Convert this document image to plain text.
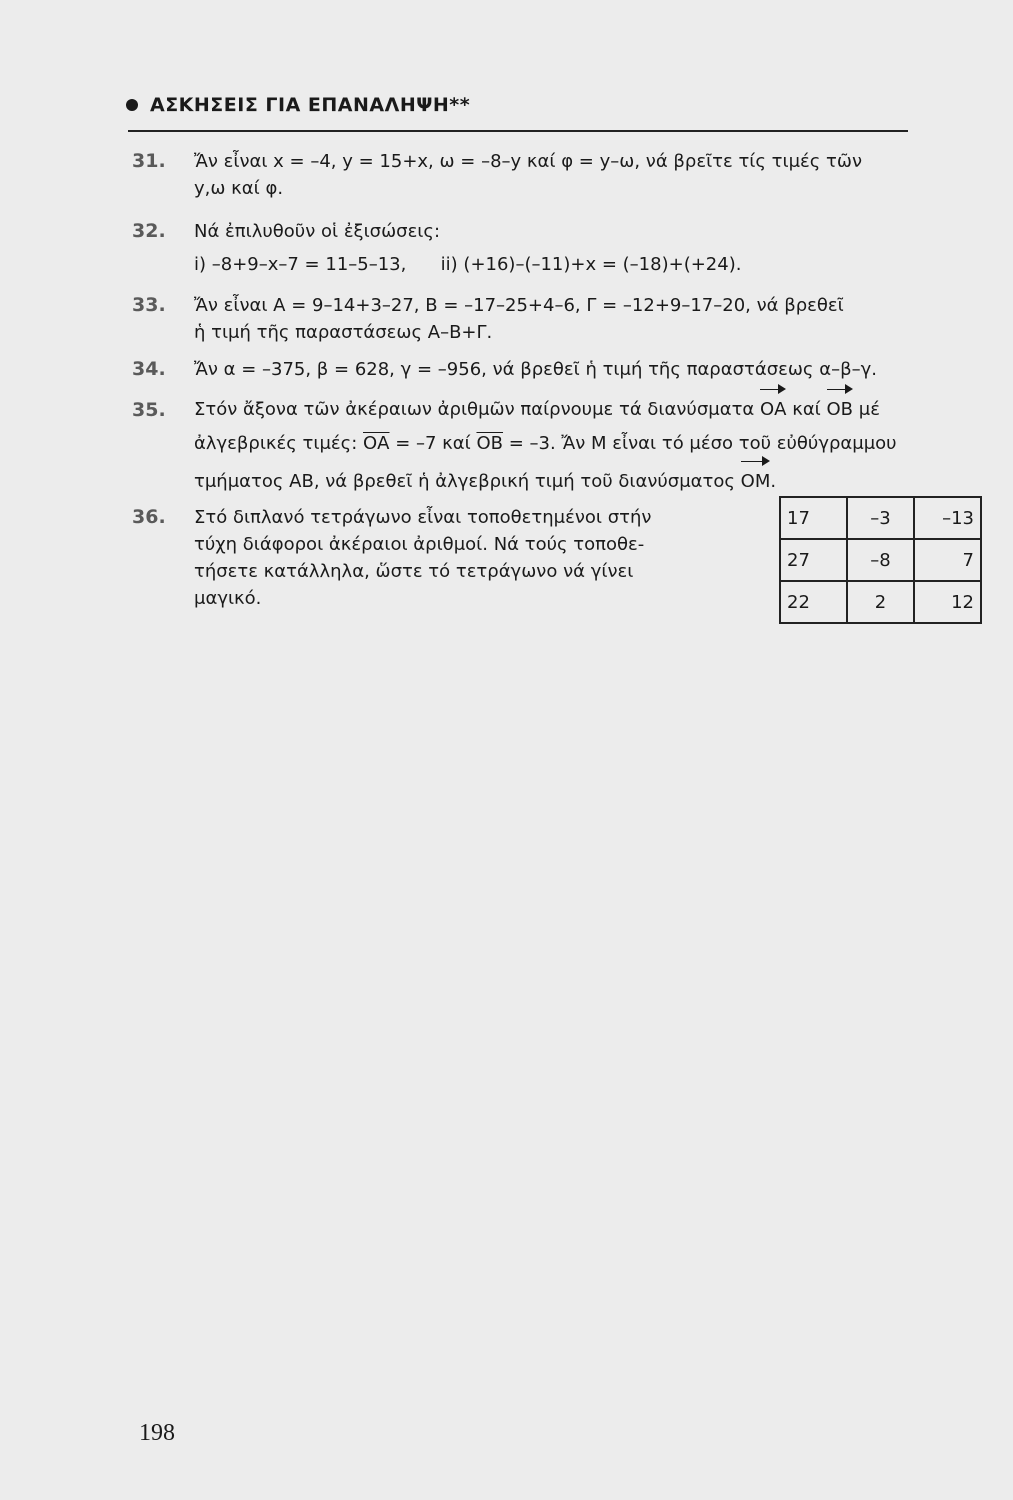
ΑΣΚΗΣΕΙΣ ΓΙΑ ΕΠΑΝΑΛΗΨΗ**
31.	Ἄν εἶναι x = –4, y = 15+x, ω = –8–y καί φ = y–ω, νά βρεῖτε τίς τιμές τῶν

y,ω καί φ.

32.	Νά ἐπιλυθοῦν οἱ ἐξισώσεις:

i) –8+9–x–7 = 11–5–13,      ii) (+16)–(–11)+x = (–18)+(+24).

33.	Ἄν εἶναι Α = 9–14+3–27, Β = –17–25+4–6, Γ = –12+9–17–20, νά βρεθεῖ

ἡ τιμή τῆς παραστάσεως Α–Β+Γ.

34.	Ἄν α = –375, β = 628, γ = –956, νά βρεθεῖ ἡ τιμή τῆς παραστάσεως α–β–γ.

35.	Στόν ἄξονα τῶν ἀκέραιων ἀριθμῶν παίρνουμε τά διανύσματα ΟΑ καί ΟΒ μέ

ἀλγεβρικές τιμές: $\overline{OA} = -7$ καί $\overline{OB} = -3$. Ἄν Μ εἶναι τό μέσο τοῦ εὐθύγραμμου

τμήματος ΑΒ, νά βρεθεῖ ἡ ἀλγεβρική τιμή τοῦ διανύσματος ΟΜ.

36.	Στό διπλανό τετράγωνο εἶναι τοποθετημένοι στήν

τύχη διάφοροι ἀκέραιοι ἀριθμοί. Νά τούς τοποθε-

τήσετε κατάλληλα, ὥστε τό τετράγωνο νά γίνει

μαγικό.

17	–3	–13
27	–8	7
22	2	12
198
